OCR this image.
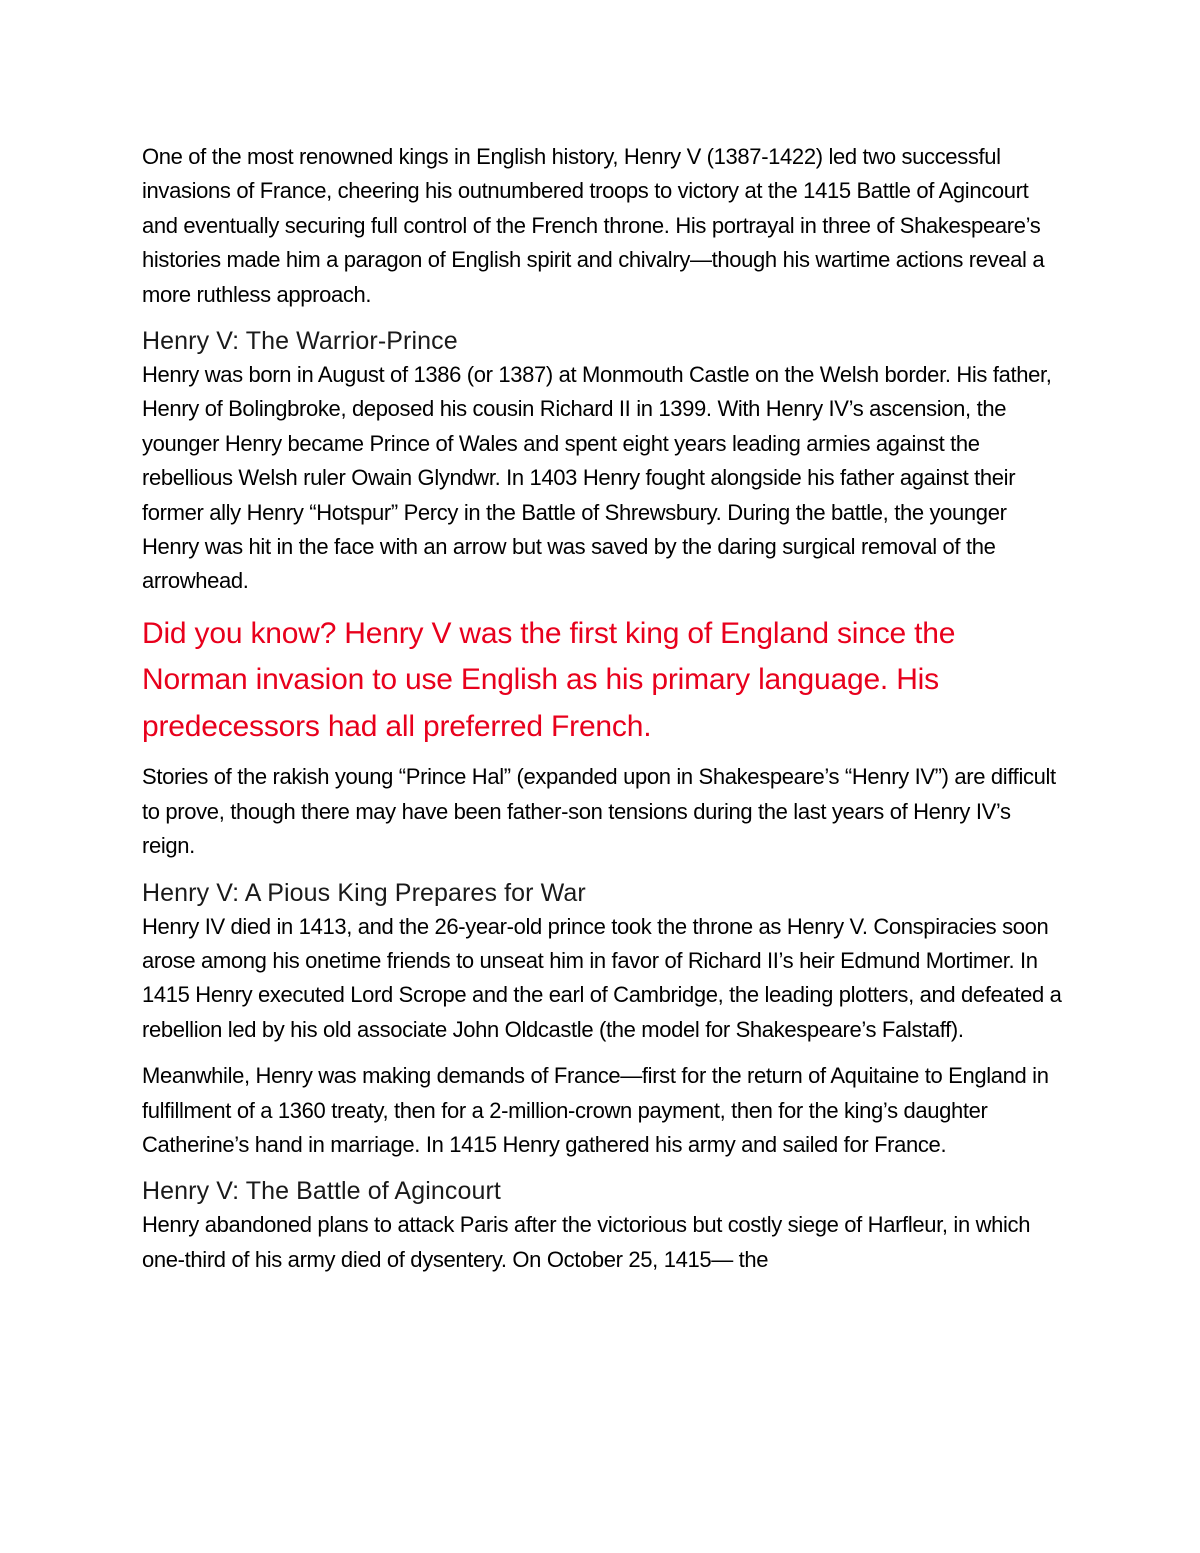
One of the most renowned kings in English history, Henry V (1387-1422) led two successful invasions of France, cheering his outnumbered troops to victory at the 1415 Battle of Agincourt and eventually securing full control of the French throne. His portrayal in three of Shakespeare’s histories made him a paragon of English spirit and chivalry—though his wartime actions reveal a more ruthless approach.

Henry V: The Warrior-Prince

Henry was born in August of 1386 (or 1387) at Monmouth Castle on the Welsh border. His father, Henry of Bolingbroke, deposed his cousin Richard II in 1399. With Henry IV’s ascension, the younger Henry became Prince of Wales and spent eight years leading armies against the rebellious Welsh ruler Owain Glyndwr. In 1403 Henry fought alongside his father against their former ally Henry “Hotspur” Percy in the Battle of Shrewsbury. During the battle, the younger Henry was hit in the face with an arrow but was saved by the daring surgical removal of the arrowhead.

Did you know? Henry V was the first king of England since the Norman invasion to use English as his primary language. His predecessors had all preferred French.

Stories of the rakish young “Prince Hal” (expanded upon in Shakespeare’s “Henry IV”) are difficult to prove, though there may have been father-son tensions during the last years of Henry IV’s reign.

Henry V: A Pious King Prepares for War

Henry IV died in 1413, and the 26-year-old prince took the throne as Henry V. Conspiracies soon arose among his onetime friends to unseat him in favor of Richard II’s heir Edmund Mortimer. In 1415 Henry executed Lord Scrope and the earl of Cambridge, the leading plotters, and defeated a rebellion led by his old associate John Oldcastle (the model for Shakespeare’s Falstaff).

Meanwhile, Henry was making demands of France—first for the return of Aquitaine to England in fulfillment of a 1360 treaty, then for a 2-million-crown payment, then for the king’s daughter Catherine’s hand in marriage. In 1415 Henry gathered his army and sailed for France.

Henry V: The Battle of Agincourt

Henry abandoned plans to attack Paris after the victorious but costly siege of Harfleur, in which one-third of his army died of dysentery. On October 25, 1415— the
